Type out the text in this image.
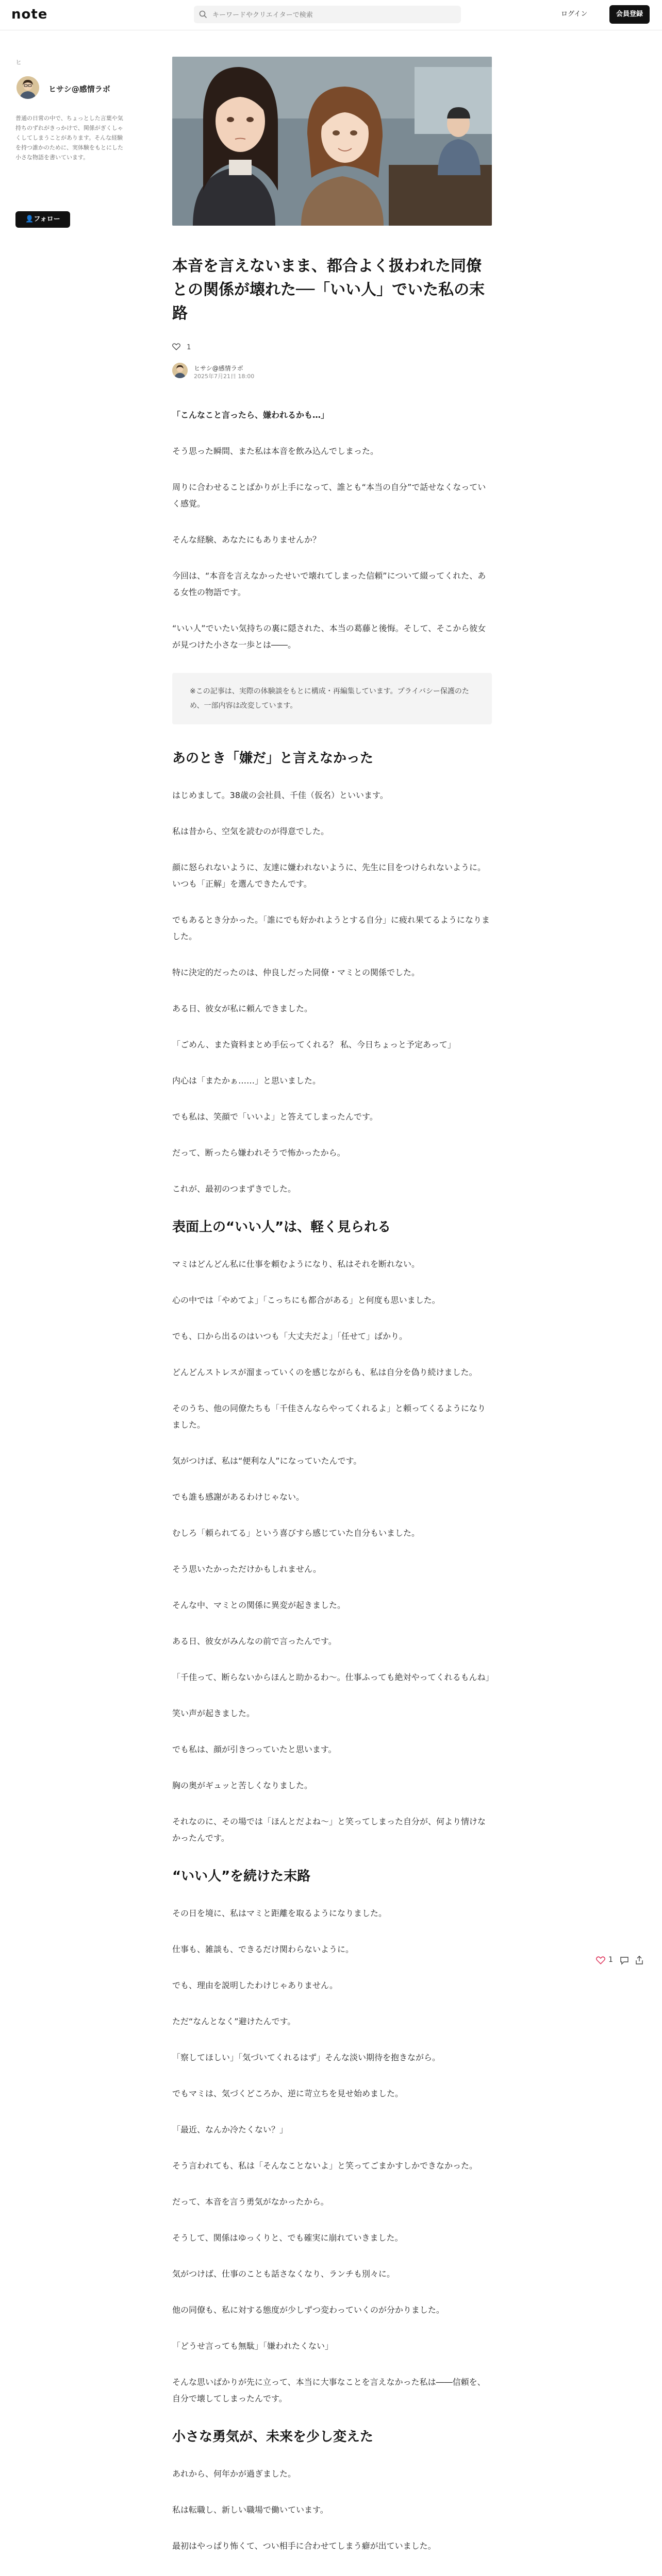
note
キーワードやクリエイターで検索	ログイン	会員登録
ヒ
ヒサシ@感情ラボ
普通の日常の中で、ちょっとした言葉や気持ちのずれがきっかけで、関係がぎくしゃくしてしまうことがあります。そんな経験を持つ誰かのために、実体験をもとにした小さな物語を書いています。
👤フォロー
本音を言えないまま、都合よく扱われた同僚との関係が壊れた──「いい人」でいた私の末路
1
ヒサシ@感情ラボ
2025年7月21日 18:00
「こんなこと言ったら、嫌われるかも…」
そう思った瞬間、また私は本音を飲み込んでしまった。
周りに合わせることばかりが上手になって、誰とも“本当の自分”で話せなくなっていく感覚。
そんな経験、あなたにもありませんか？
今回は、“本音を言えなかったせいで壊れてしまった信頼”について綴ってくれた、ある女性の物語です。
“いい人”でいたい気持ちの裏に隠された、本当の葛藤と後悔。そして、そこから彼女が見つけた小さな一歩とは――。
※この記事は、実際の体験談をもとに構成・再編集しています。プライバシー保護のため、一部内容は改変しています。
あのとき「嫌だ」と言えなかった
はじめまして。38歳の会社員、千佳（仮名）といいます。
私は昔から、空気を読むのが得意でした。
顔に怒られないように、友達に嫌われないように、先生に目をつけられないように。いつも「正解」を選んできたんです。
でもあるとき分かった。「誰にでも好かれようとする自分」に疲れ果てるようになりました。
特に決定的だったのは、仲良しだった同僚・マミとの関係でした。
ある日、彼女が私に頼んできました。
「ごめん、また資料まとめ手伝ってくれる？ 私、今日ちょっと予定あって」
内心は「またかぁ……」と思いました。
でも私は、笑顔で「いいよ」と答えてしまったんです。
だって、断ったら嫌われそうで怖かったから。
これが、最初のつまずきでした。
表面上の“いい人”は、軽く見られる
マミはどんどん私に仕事を頼むようになり、私はそれを断れない。
心の中では「やめてよ」「こっちにも都合がある」と何度も思いました。
でも、口から出るのはいつも「大丈夫だよ」「任せて」ばかり。
どんどんストレスが溜まっていくのを感じながらも、私は自分を偽り続けました。
そのうち、他の同僚たちも「千佳さんならやってくれるよ」と頼ってくるようになりました。
気がつけば、私は“便利な人”になっていたんです。
でも誰も感謝があるわけじゃない。
むしろ「頼られてる」という喜びすら感じていた自分もいました。
そう思いたかっただけかもしれません。
そんな中、マミとの関係に異変が起きました。
ある日、彼女がみんなの前で言ったんです。
「千佳って、断らないからほんと助かるわ〜。仕事ふっても絶対やってくれるもんね」
笑い声が起きました。
でも私は、顔が引きつっていたと思います。
胸の奥がギュッと苦しくなりました。
それなのに、その場では「ほんとだよね〜」と笑ってしまった自分が、何より情けなかったんです。
“いい人”を続けた末路
その日を境に、私はマミと距離を取るようになりました。
仕事も、雑談も、できるだけ関わらないように。
でも、理由を説明したわけじゃありません。
ただ“なんとなく”避けたんです。
「察してほしい」「気づいてくれるはず」そんな淡い期待を抱きながら。
でもマミは、気づくどころか、逆に苛立ちを見せ始めました。
「最近、なんか冷たくない？」
そう言われても、私は「そんなことないよ」と笑ってごまかすしかできなかった。
だって、本音を言う勇気がなかったから。
そうして、関係はゆっくりと、でも確実に崩れていきました。
気がつけば、仕事のことも話さなくなり、ランチも別々に。
他の同僚も、私に対する態度が少しずつ変わっていくのが分かりました。
「どうせ言っても無駄」「嫌われたくない」
そんな思いばかりが先に立って、本当に大事なことを言えなかった私は――信頼を、自分で壊してしまったんです。
小さな勇気が、未来を少し変えた
あれから、何年かが過ぎました。
私は転職し、新しい職場で働いています。
最初はやっぱり怖くて、つい相手に合わせてしまう癖が出ていました。
1
